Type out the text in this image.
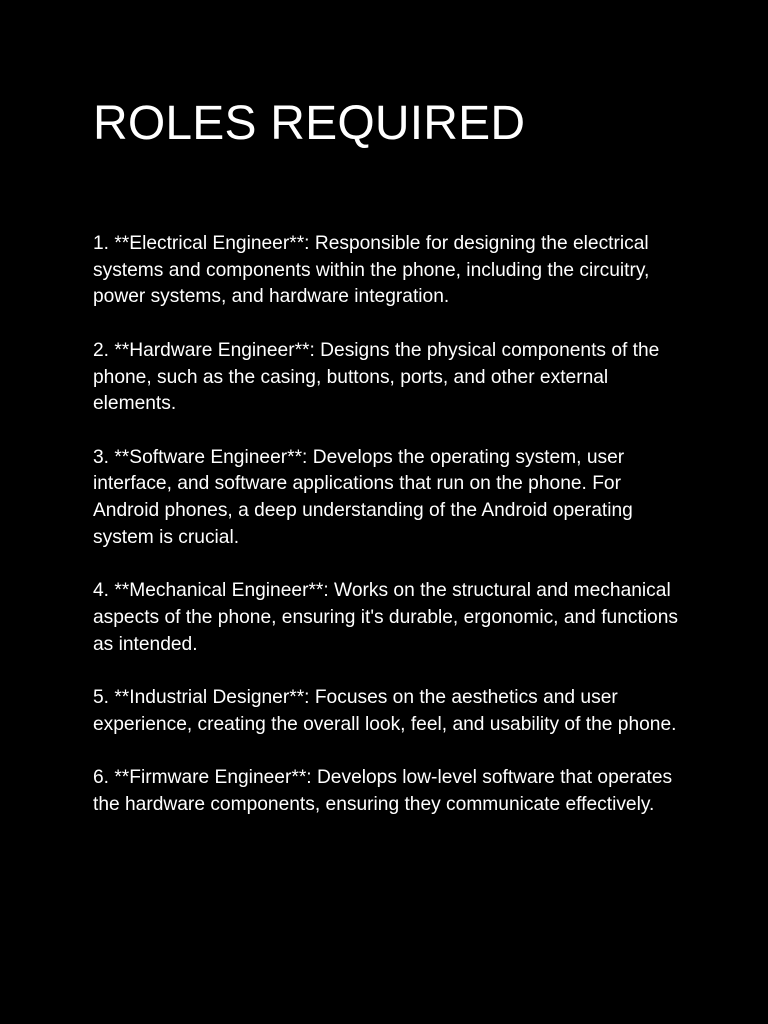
ROLES REQUIRED
1. **Electrical Engineer**: Responsible for designing the electrical systems and components within the phone, including the circuitry, power systems, and hardware integration.
2. **Hardware Engineer**: Designs the physical components of the phone, such as the casing, buttons, ports, and other external elements.
3. **Software Engineer**: Develops the operating system, user interface, and software applications that run on the phone. For Android phones, a deep understanding of the Android operating system is crucial.
4. **Mechanical Engineer**: Works on the structural and mechanical aspects of the phone, ensuring it's durable, ergonomic, and functions as intended.
5. **Industrial Designer**: Focuses on the aesthetics and user experience, creating the overall look, feel, and usability of the phone.
6. **Firmware Engineer**: Develops low-level software that operates the hardware components, ensuring they communicate effectively.
